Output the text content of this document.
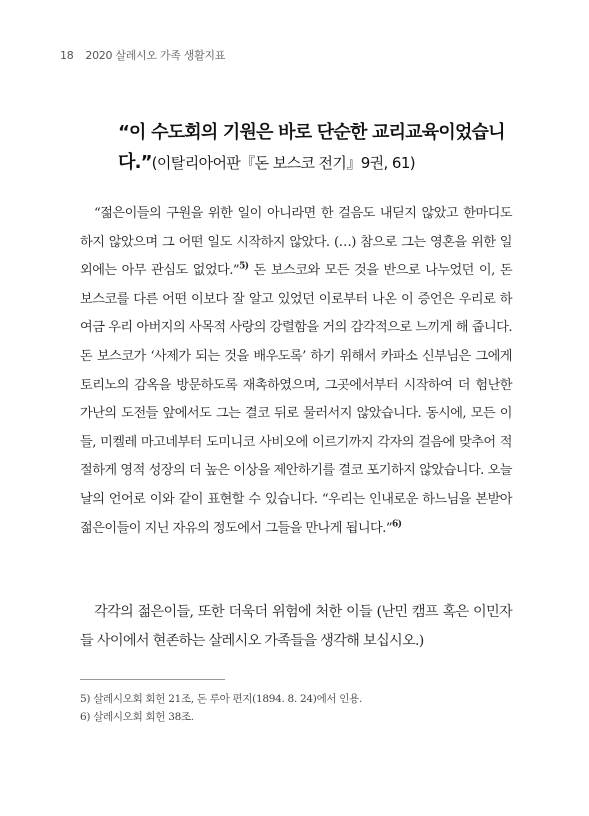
18 2020 살레시오 가족 생활지표
“이 수도회의 기원은 바로 단순한 교리교육이었습니다.”(이탈리아어판『돈 보스코 전기』9권, 61)

“젊은이들의 구원을 위한 일이 아니라면 한 걸음도 내딛지 않았고 한마디도 하지 않았으며 그 어떤 일도 시작하지 않았다. (…) 참으로 그는 영혼을 위한 일 외에는 아무 관심도 없었다.”$^{5)}$ 돈 보스코와 모든 것을 반으로 나누었던 이, 돈 보스코를 다른 어떤 이보다 잘 알고 있었던 이로부터 나온 이 증언은 우리로 하여금 우리 아버지의 사목적 사랑의 강렬함을 거의 감각적으로 느끼게 해 줍니다. 돈 보스코가 ‘사제가 되는 것을 배우도록’ 하기 위해서 카파소 신부님은 그에게 토리노의 감옥을 방문하도록 재촉하였으며, 그곳에서부터 시작하여 더 험난한 가난의 도전들 앞에서도 그는 결코 뒤로 물러서지 않았습니다. 동시에, 모든 이들, 미켈레 마고네부터 도미니코 사비오에 이르기까지 각자의 걸음에 맞추어 적절하게 영적 성장의 더 높은 이상을 제안하기를 결코 포기하지 않았습니다. 오늘날의 언어로 이와 같이 표현할 수 있습니다. “우리는 인내로운 하느님을 본받아 젊은이들이 지닌 자유의 정도에서 그들을 만나게 됩니다.”$^{6)}$

각각의 젊은이들, 또한 더욱더 위험에 처한 이들 (난민 캠프 혹은 이민자들 사이에서 현존하는 살레시오 가족들을 생각해 보십시오.)

5) 살레시오회 회헌 21조, 돈 루아 편지(1894. 8. 24)에서 인용.
6) 살레시오회 회헌 38조.
